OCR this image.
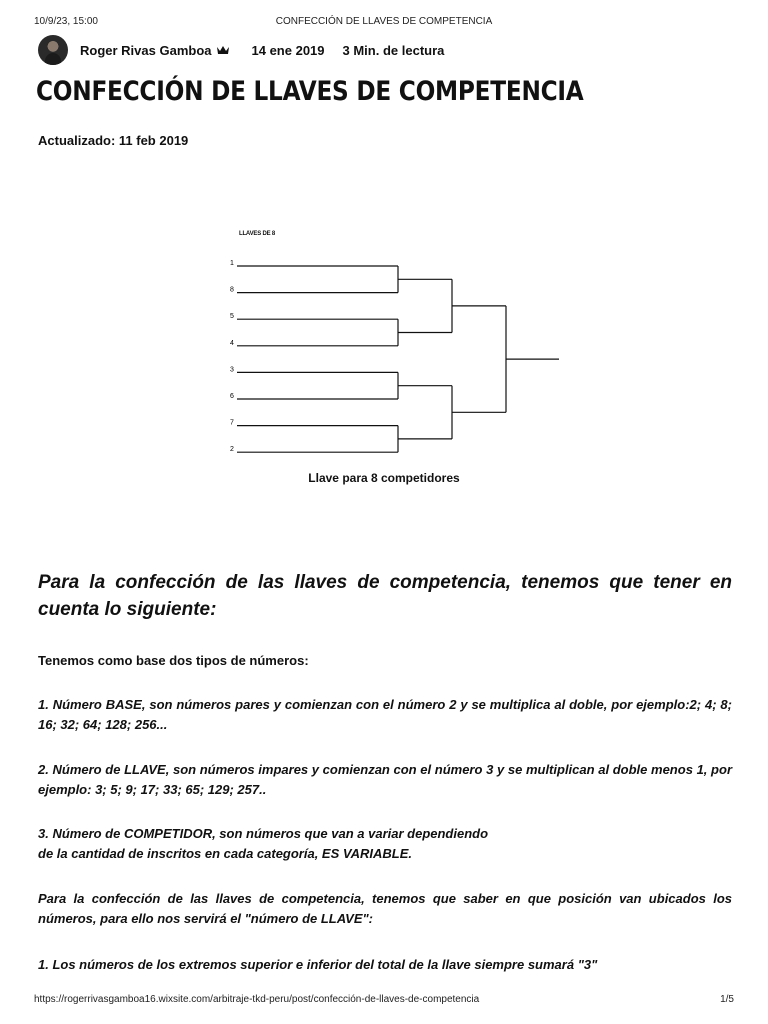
10/9/23, 15:00	CONFECCIÓN DE LLAVES DE COMPETENCIA
Roger Rivas Gamboa	14 ene 2019 3 Min. de lectura
CONFECCIÓN DE LLAVES DE COMPETENCIA
Actualizado: 11 feb 2019
LLAVES DE 8
1
8
5
4
3
6
7
2
Llave para 8 competidores

Para la confección de las llaves de competencia, tenemos que tener en cuenta lo siguiente:

Tenemos como base dos tipos de números:

1. Número BASE, son números pares y comienzan con el número 2 y se multiplica al doble, por ejemplo:2; 4; 8; 16; 32; 64; 128; 256...

2. Número de LLAVE, son números impares y comienzan con el número 3 y se multiplican al doble menos 1, por ejemplo: 3; 5; 9; 17; 33; 65; 129; 257..

3. Número de COMPETIDOR, son números que van a variar dependiendo
de la cantidad de inscritos en cada categoría, ES VARIABLE.

Para la confección de las llaves de competencia, tenemos que saber en que posición van ubicados los números, para ello nos servirá el "número de LLAVE":

1. Los números de los extremos superior e inferior del total de la llave siempre sumará "3"

https://rogerrivasgamboa16.wixsite.com/arbitraje-tkd-peru/post/confección-de-llaves-de-competencia	1/5
